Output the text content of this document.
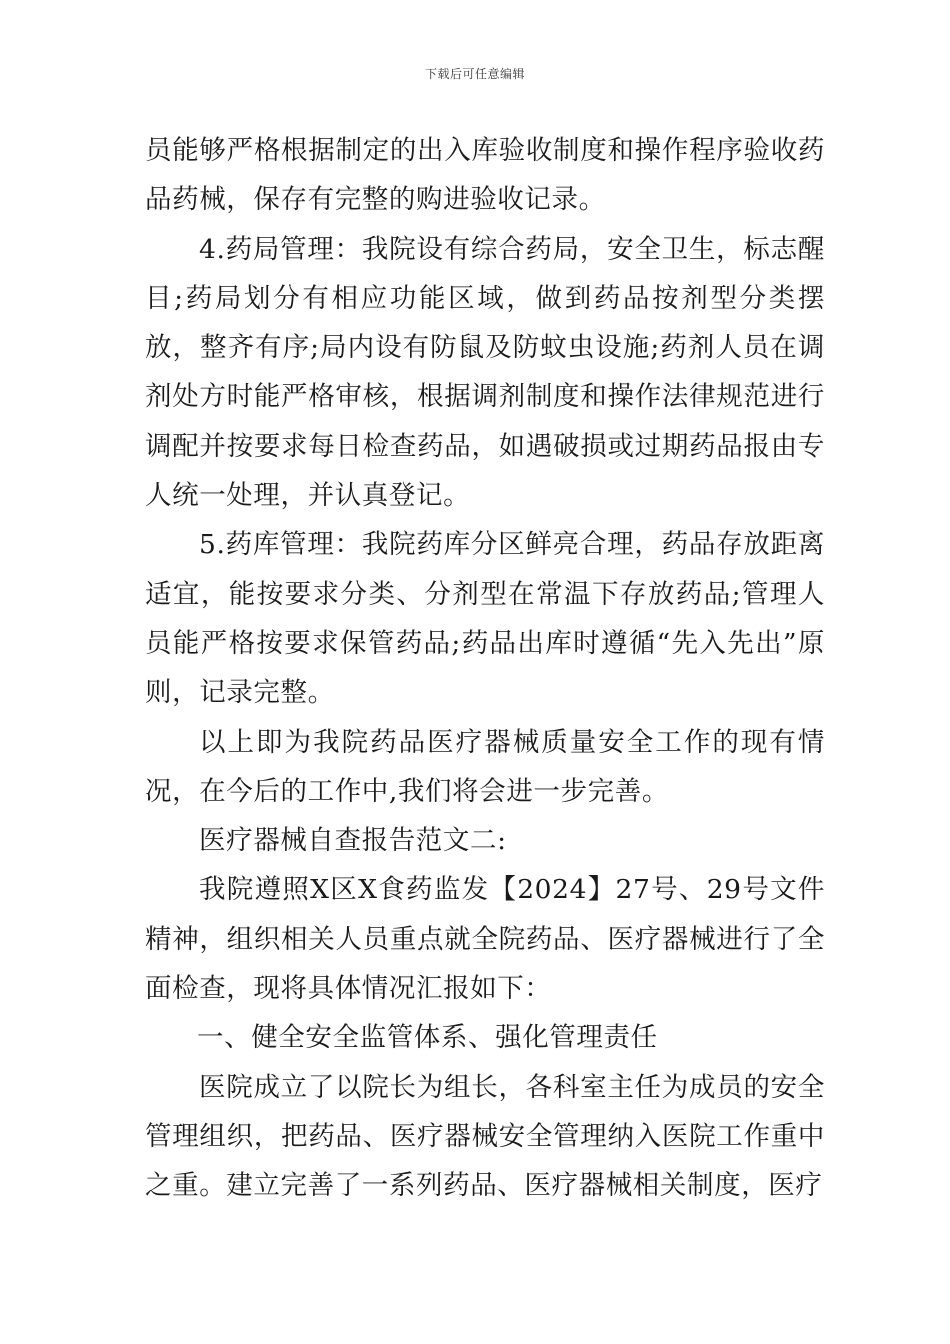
下载后可任意编辑

员能够严格根据制定的出入库验收制度和操作程序验收药品药械，保存有完整的购进验收记录。

4.药局管理：我院设有综合药局，安全卫生，标志醒目;药局划分有相应功能区域，做到药品按剂型分类摆放，整齐有序;局内设有防鼠及防蚊虫设施;药剂人员在调剂处方时能严格审核，根据调剂制度和操作法律规范进行调配并按要求每日检查药品，如遇破损或过期药品报由专人统一处理，并认真登记。

5.药库管理：我院药库分区鲜亮合理，药品存放距离适宜，能按要求分类、分剂型在常温下存放药品;管理人员能严格按要求保管药品;药品出库时遵循“先入先出”原则，记录完整。

以上即为我院药品医疗器械质量安全工作的现有情况，在今后的工作中,我们将会进一步完善。

医疗器械自查报告范文二:

我院遵照X区X食药监发【2024】27号、29号文件精神，组织相关人员重点就全院药品、医疗器械进行了全面检查，现将具体情况汇报如下：

一、健全安全监管体系、强化管理责任

医院成立了以院长为组长，各科室主任为成员的安全管理组织，把药品、医疗器械安全管理纳入医院工作重中之重。建立完善了一系列药品、医疗器械相关制度，医疗
